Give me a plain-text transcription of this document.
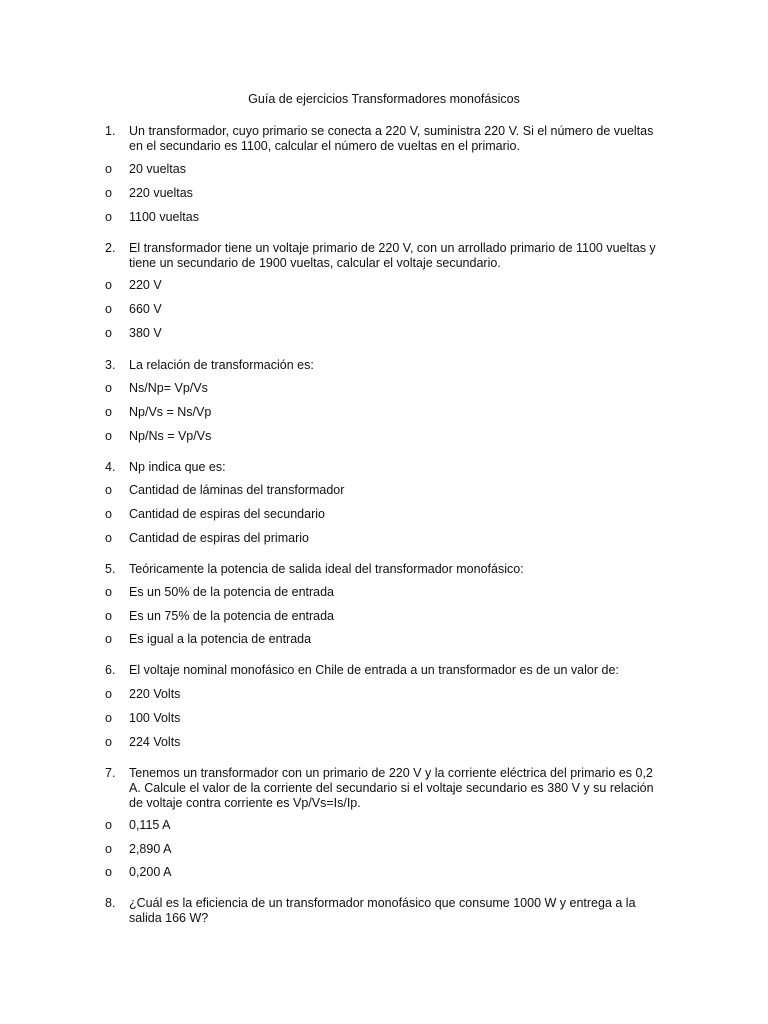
Guía de ejercicios Transformadores monofásicos
1.	Un transformador, cuyo primario se conecta a 220 V, suministra 220 V. Si el número de vueltas en el secundario es 1100, calcular el número de vueltas en el primario.
o 20 vueltas
o 220 vueltas
o 1100 vueltas
2.	El transformador tiene un voltaje primario de 220 V, con un arrollado primario de 1100 vueltas y tiene un secundario de 1900 vueltas, calcular el voltaje secundario.
o 220 V
o 660 V
o 380 V
3.	La relación de transformación es:
o Ns/Np= Vp/Vs
o Np/Vs = Ns/Vp
o Np/Ns = Vp/Vs
4.	Np indica que es:
o Cantidad de láminas del transformador
o Cantidad de espiras del secundario
o Cantidad de espiras del primario
5.	Teóricamente la potencia de salida ideal del transformador monofásico:
o Es un 50% de la potencia de entrada
o Es un 75% de la potencia de entrada
o Es igual a la potencia de entrada
6.	El voltaje nominal monofásico en Chile de entrada a un transformador es de un valor de:
o 220 Volts
o 100 Volts
o 224 Volts
7.	Tenemos un transformador con un primario de 220 V y la corriente eléctrica del primario es 0,2 A. Calcule el valor de la corriente del secundario si el voltaje secundario es 380 V y su relación de voltaje contra corriente es Vp/Vs=Is/Ip.
o 0,115 A
o 2,890 A
o 0,200 A
8.	¿Cuál es la eficiencia de un transformador monofásico que consume 1000 W y entrega a la salida 166 W?
